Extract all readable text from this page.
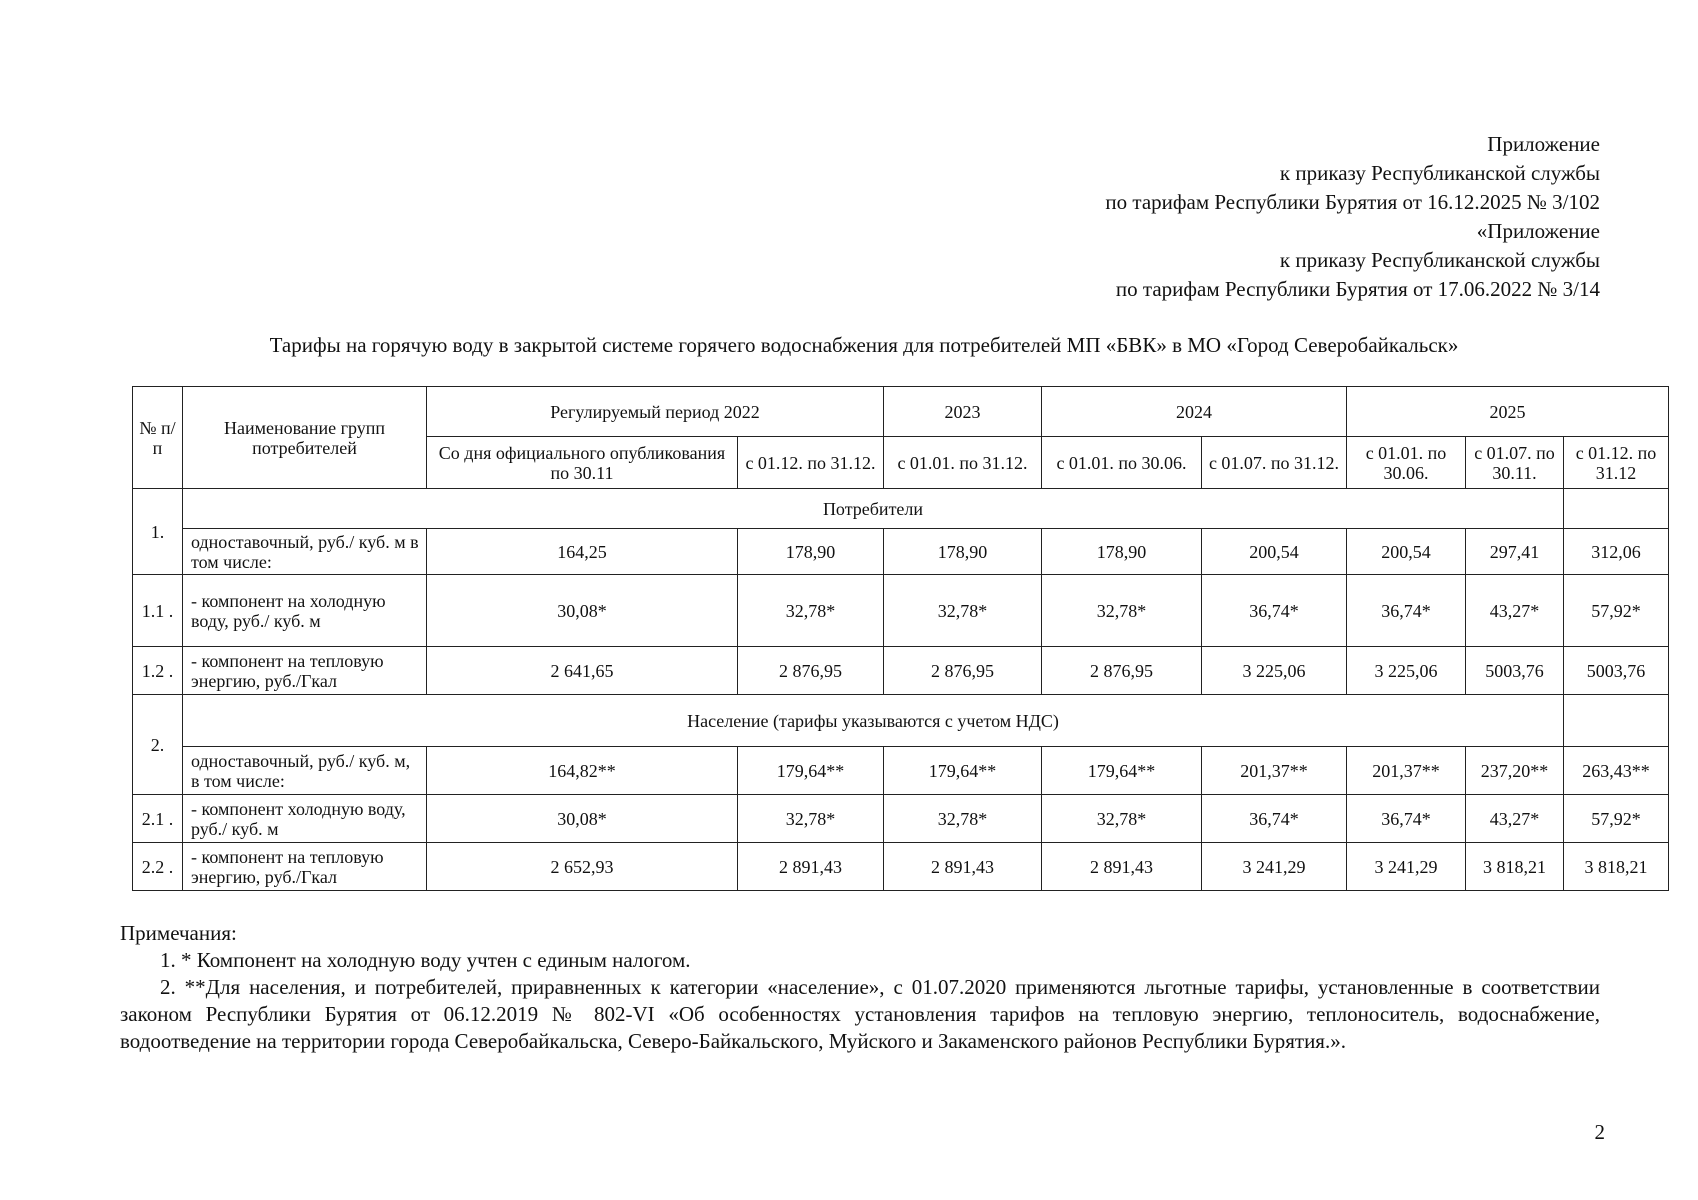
Приложение
к приказу Республиканской службы
по тарифам Республики Бурятия от 16.12.2025 № 3/102
«Приложение
к приказу Республиканской службы
по тарифам Республики Бурятия от 17.06.2022 № 3/14
Тарифы на горячую воду в закрытой системе горячего водоснабжения для потребителей МП «БВК» в МО «Город Северобайкальск»
№ п/п	Наименование групп потребителей	Регулируемый период 2022		2023	2024		2025		
		Со дня официального опубликования по 30.11	с 01.12. по 31.12.	с 01.01. по 31.12.	с 01.01. по 30.06.	с 01.07. по 31.12.	с 01.01. по 30.06.	с 01.07. по 30.11.	с 01.12. по 31.12
1.	Потребители								
	одноставочный, руб./ куб. м в том числе:	164,25	178,90	178,90	178,90	200,54	200,54	297,41	312,06
1.1 .	- компонент на холодную воду, руб./ куб. м	30,08*	32,78*	32,78*	32,78*	36,74*	36,74*	43,27*	57,92*
1.2 .	- компонент на тепловую энергию, руб./Гкал	2 641,65	2 876,95	2 876,95	2 876,95	3 225,06	3 225,06	5003,76	5003,76
2.	Население (тарифы указываются с учетом НДС)								
	одноставочный, руб./ куб. м, в том числе:	164,82**	179,64**	179,64**	179,64**	201,37**	201,37**	237,20**	263,43**
2.1 .	- компонент холодную воду, руб./ куб. м	30,08*	32,78*	32,78*	32,78*	36,74*	36,74*	43,27*	57,92*
2.2 .	- компонент на тепловую энергию, руб./Гкал	2 652,93	2 891,43	2 891,43	2 891,43	3 241,29	3 241,29	3 818,21	3 818,21
Примечания:
1. * Компонент на холодную воду учтен с единым налогом.
2. **Для населения, и потребителей, приравненных к категории «население», с 01.07.2020 применяются льготные тарифы, установленные в соответствии законом Республики Бурятия от 06.12.2019 № 802-VI «Об особенностях установления тарифов на тепловую энергию, теплоноситель, водоснабжение, водоотведение на территории города Северобайкальска, Северо-Байкальского, Муйского и Закаменского районов Республики Бурятия.».
2
